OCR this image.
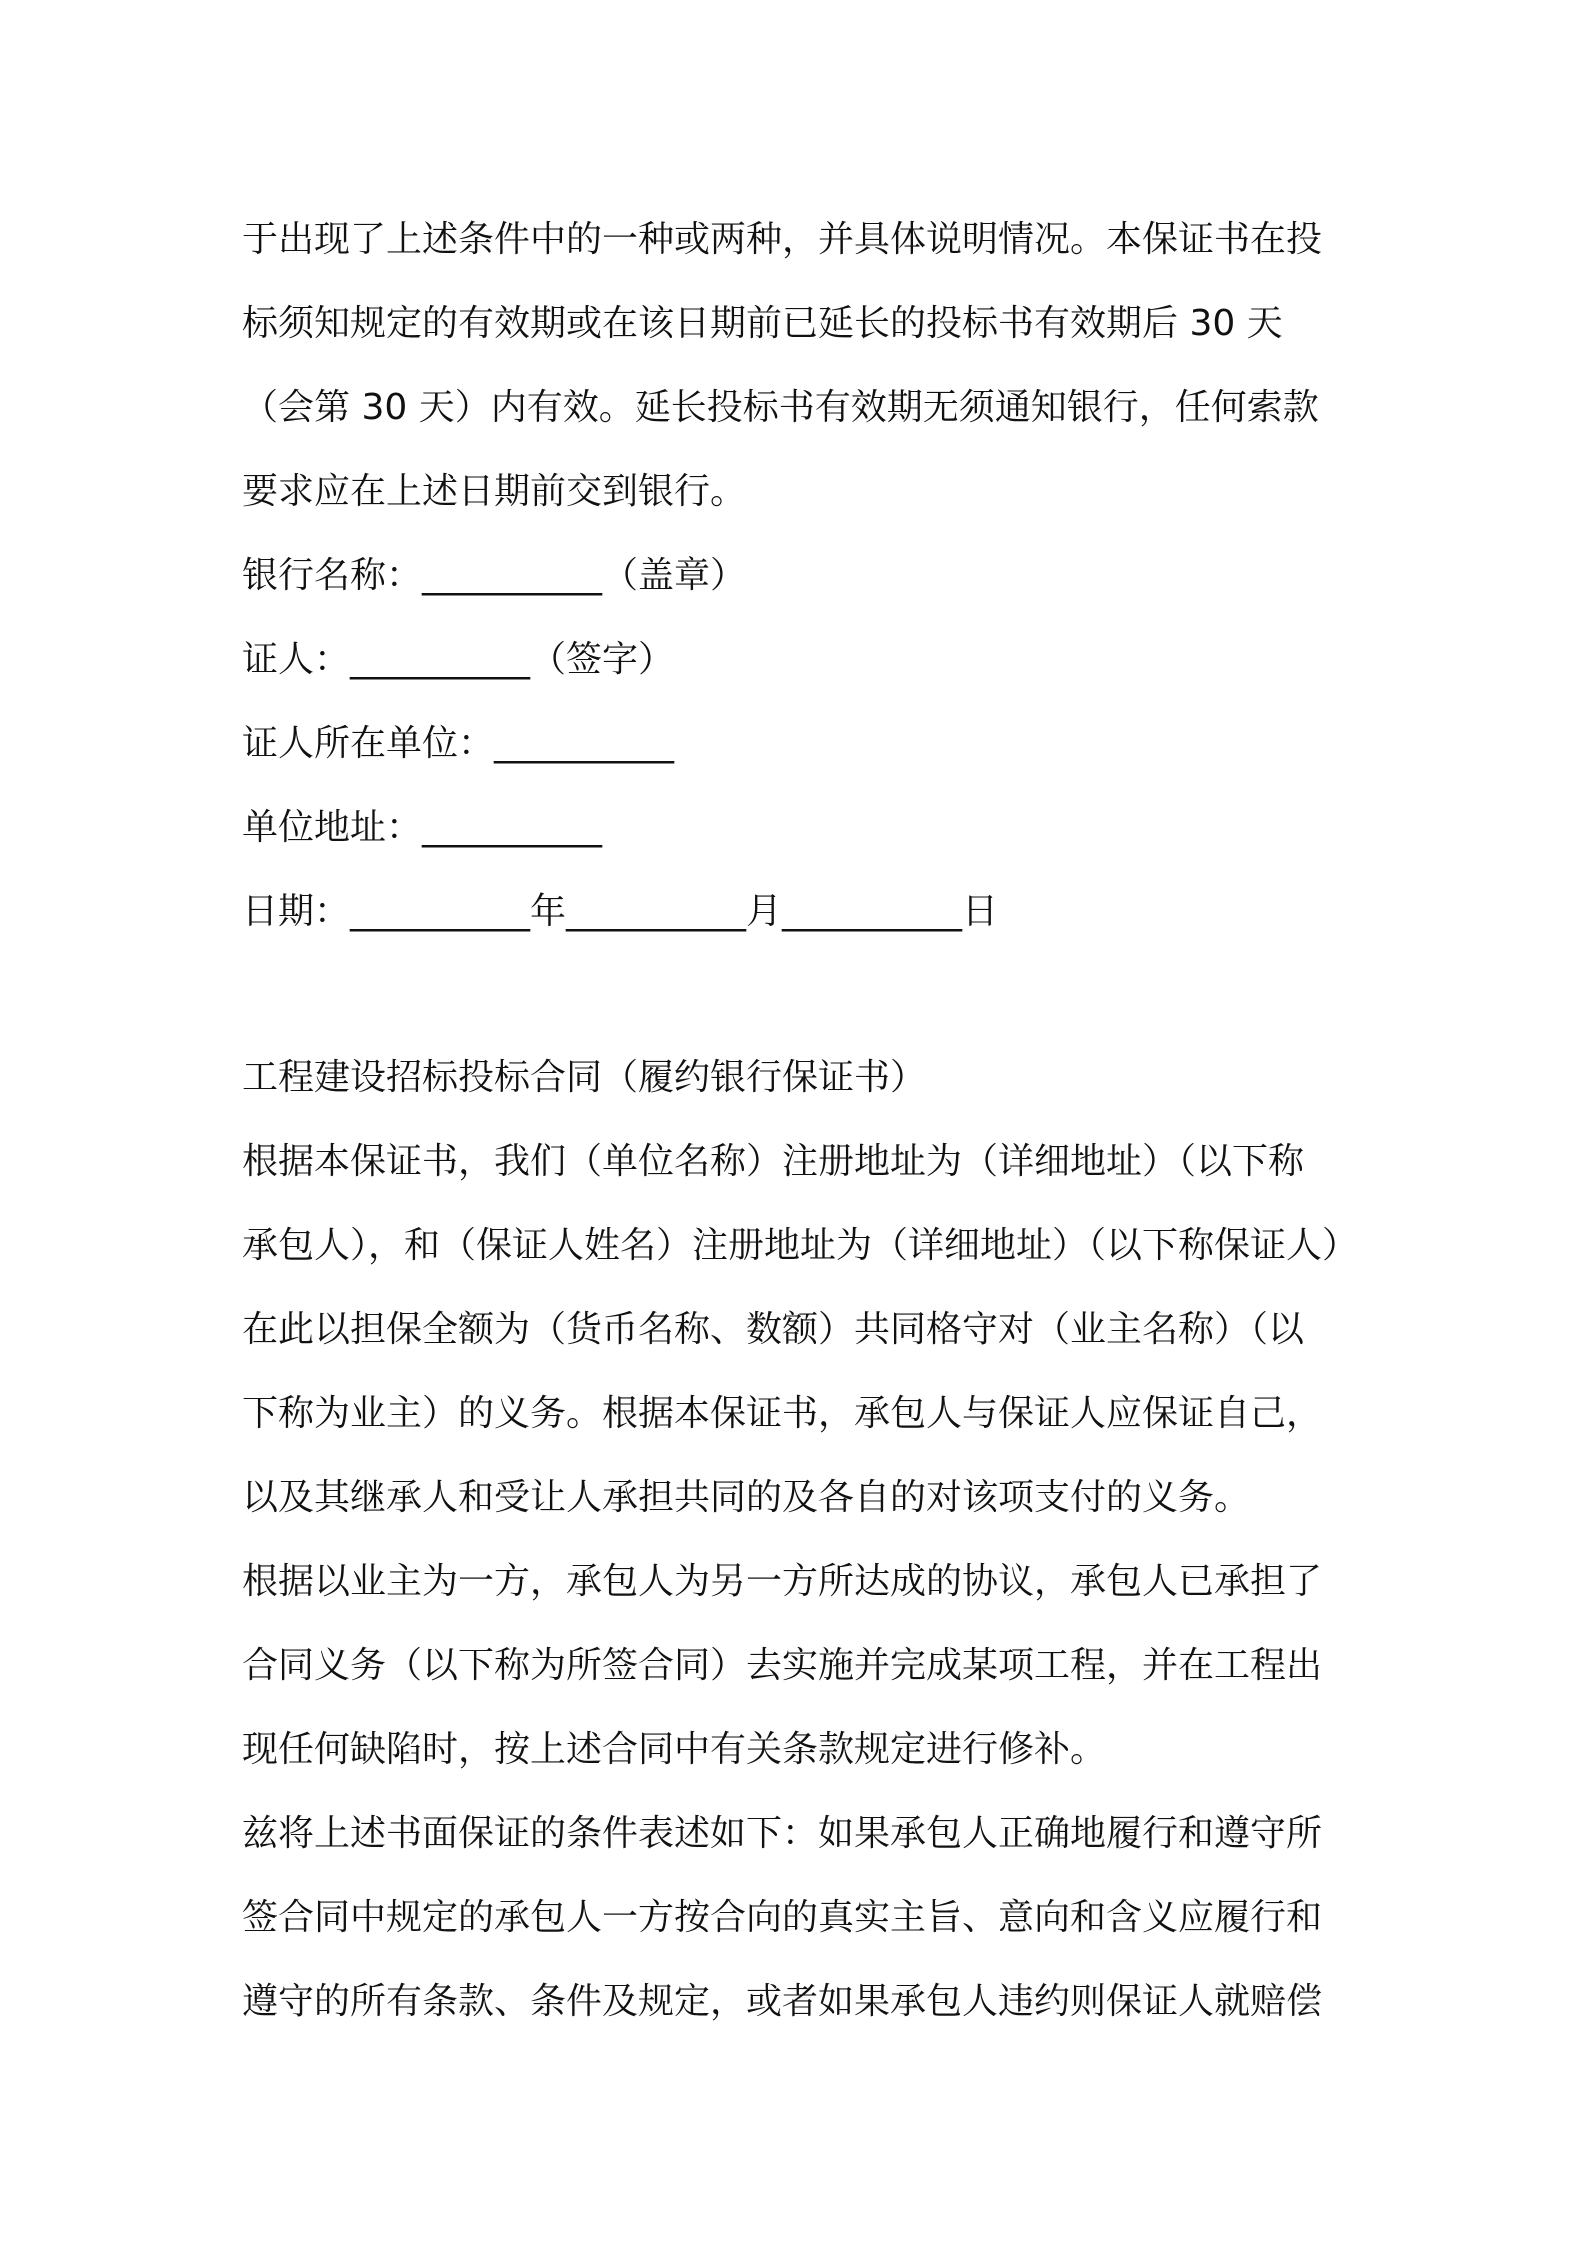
于出现了上述条件中的一种或两种，并具体说明情况。本保证书在投
标须知规定的有效期或在该日期前已延长的投标书有效期后 30 天
（会第 30 天）内有效。延长投标书有效期无须通知银行，任何索款
要求应在上述日期前交到银行。
银行名称：__________（盖章）
证人：__________（签字）
证人所在单位：__________
单位地址：__________
日期：__________年__________月__________日
工程建设招标投标合同（履约银行保证书）
根据本保证书，我们（单位名称）注册地址为（详细地址）（以下称
承包人），和（保证人姓名）注册地址为（详细地址）（以下称保证人）
在此以担保全额为（货币名称、数额）共同格守对（业主名称）（以
下称为业主）的义务。根据本保证书，承包人与保证人应保证自己，
以及其继承人和受让人承担共同的及各自的对该项支付的义务。
根据以业主为一方，承包人为另一方所达成的协议，承包人已承担了
合同义务（以下称为所签合同）去实施并完成某项工程，并在工程出
现任何缺陷时，按上述合同中有关条款规定进行修补。
兹将上述书面保证的条件表述如下：如果承包人正确地履行和遵守所
签合同中规定的承包人一方按合向的真实主旨、意向和含义应履行和
遵守的所有条款、条件及规定，或者如果承包人违约则保证人就赔偿
